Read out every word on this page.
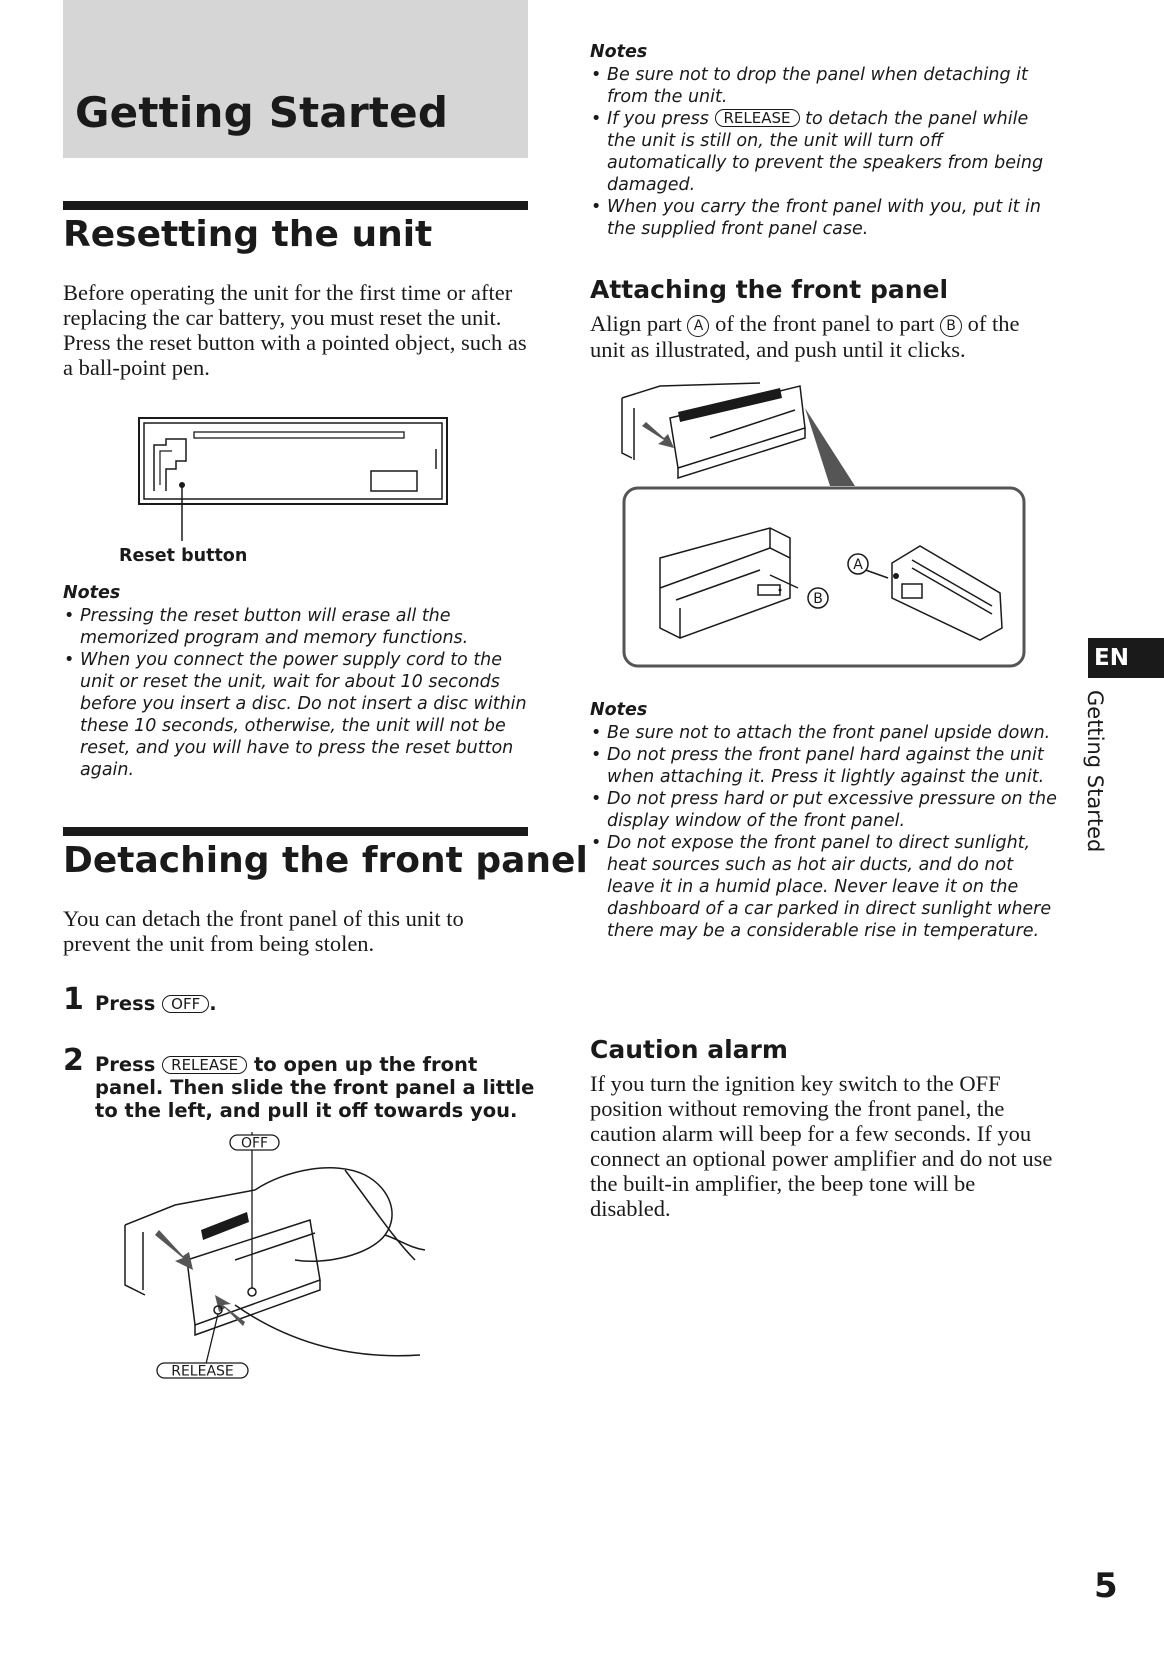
Getting Started
Resetting the unit

Before operating the unit for the first time or after replacing the car battery, you must reset the unit.

Press the reset button with a pointed object, such as a ball-point pen.

Reset button
Notes
• Pressing the reset button will erase all the memorized program and memory functions.
• When you connect the power supply cord to the unit or reset the unit, wait for about 10 seconds before you insert a disc. Do not insert a disc within these 10 seconds, otherwise, the unit will not be reset, and you will have to press the reset button again.
Detaching the front panel
You can detach the front panel of this unit to prevent the unit from being stolen.
1 Press OFF .
2 Press RELEASE to open up the front panel. Then slide the front panel a little to the left, and pull it off towards you.
OFF
RELEASE
Notes
• Be sure not to drop the panel when detaching it from the unit.
• If you press RELEASE to detach the panel while the unit is still on, the unit will turn off automatically to prevent the speakers from being damaged.
• When you carry the front panel with you, put it in the supplied front panel case.
Attaching the front panel
Align part A of the front panel to part B of the unit as illustrated, and push until it clicks.
A
B
Notes
• Be sure not to attach the front panel upside down.
• Do not press the front panel hard against the unit when attaching it. Press it lightly against the unit.
• Do not press hard or put excessive pressure on the display window of the front panel.
• Do not expose the front panel to direct sunlight, heat sources such as hot air ducts, and do not leave it in a humid place. Never leave it on the dashboard of a car parked in direct sunlight where there may be a considerable rise in temperature.
Caution alarm
If you turn the ignition key switch to the OFF position without removing the front panel, the caution alarm will beep for a few seconds. If you connect an optional power amplifier and do not use the built-in amplifier, the beep tone will be disabled.
EN
Getting Started
5
